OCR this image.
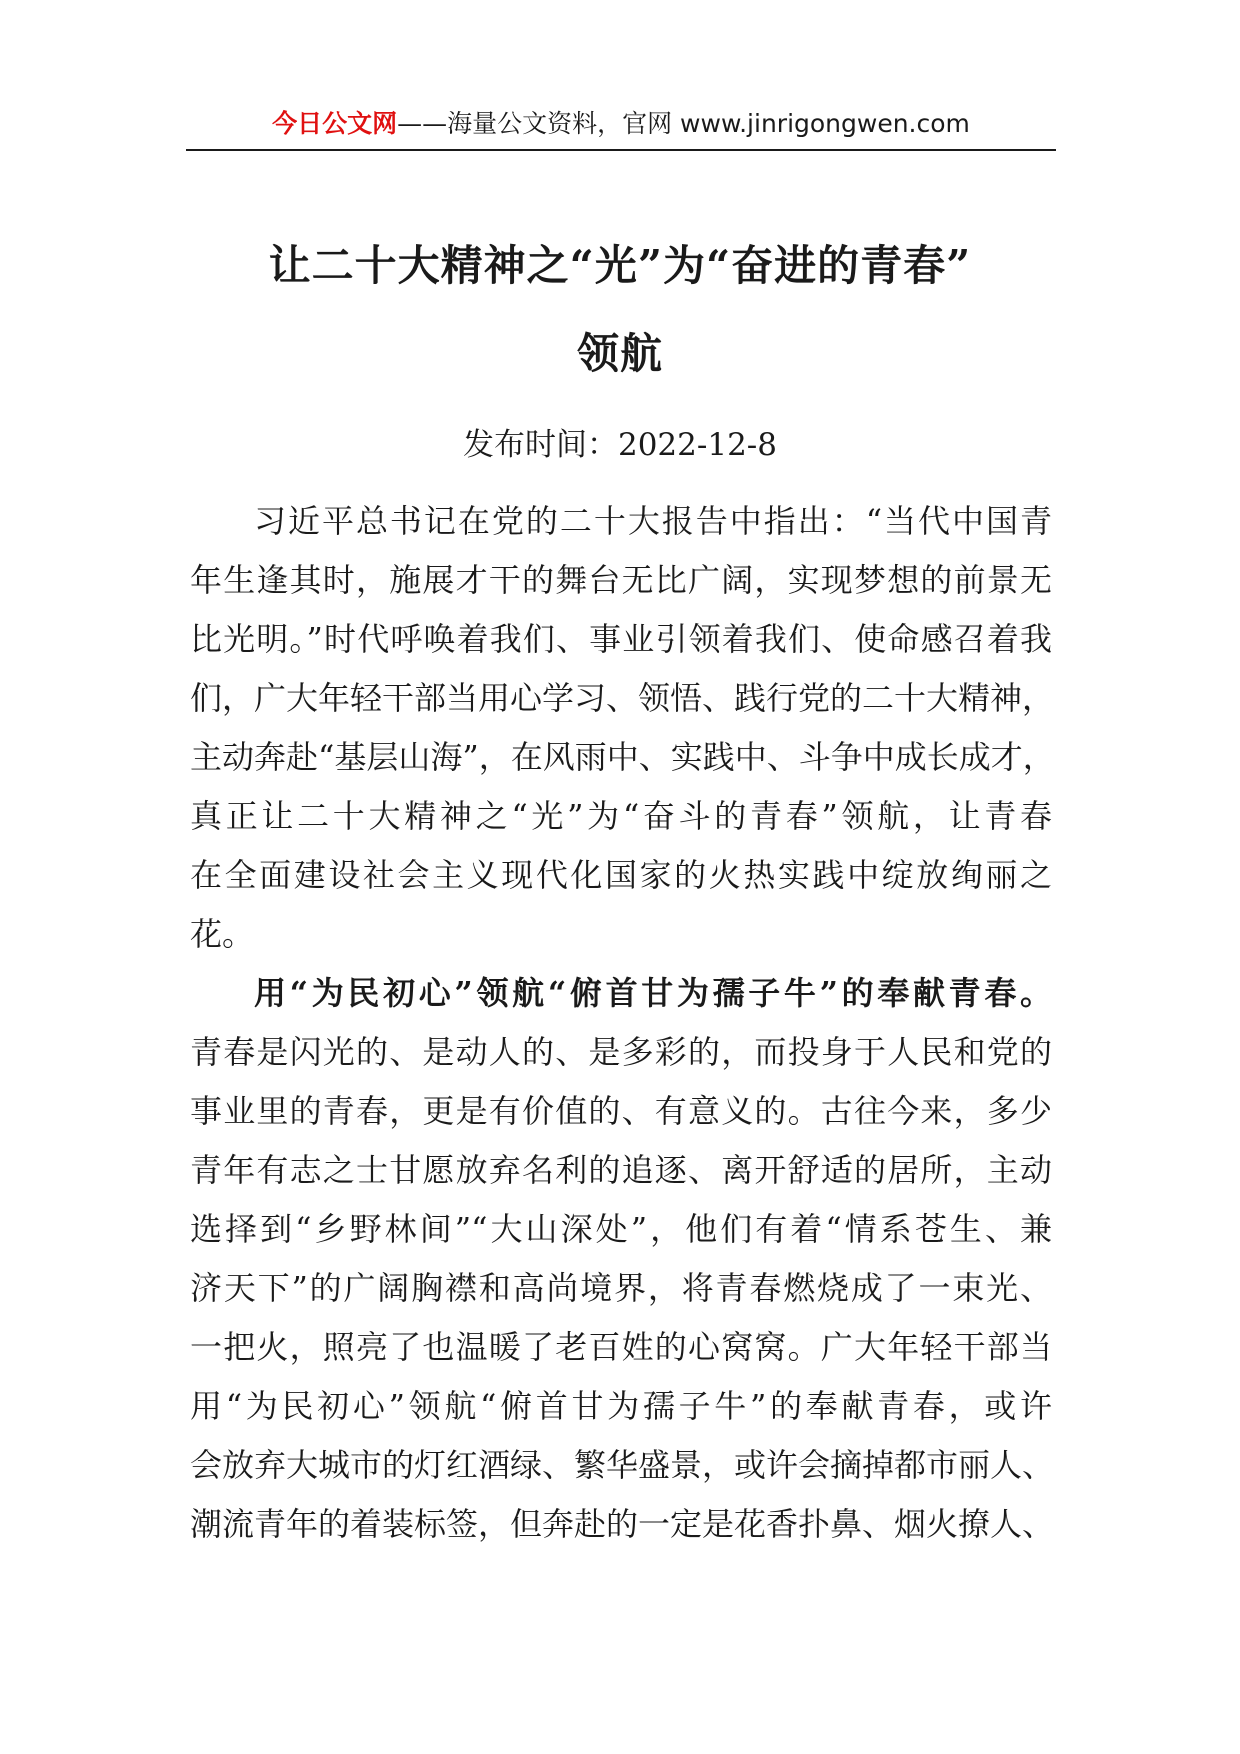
今日公文网——海量公文资料，官网 www.jinrigongwen.com
让二十大精神之“光”为“奋进的青春”
领航
发布时间：2022-12-8
习近平总书记在党的二十大报告中指出：“当代中国青
年生逢其时，施展才干的舞台无比广阔，实现梦想的前景无
比光明。”时代呼唤着我们、事业引领着我们、使命感召着我
们，广大年轻干部当用心学习、领悟、践行党的二十大精神，
主动奔赴“基层山海”，在风雨中、实践中、斗争中成长成才，
真正让二十大精神之“光”为“奋斗的青春”领航，让青春
在全面建设社会主义现代化国家的火热实践中绽放绚丽之
花。
用“为民初心”领航“俯首甘为孺子牛”的奉献青春。
青春是闪光的、是动人的、是多彩的，而投身于人民和党的
事业里的青春，更是有价值的、有意义的。古往今来，多少
青年有志之士甘愿放弃名利的追逐、离开舒适的居所，主动
选择到“乡野林间”“大山深处”，他们有着“情系苍生、兼
济天下”的广阔胸襟和高尚境界，将青春燃烧成了一束光、
一把火，照亮了也温暖了老百姓的心窝窝。广大年轻干部当
用“为民初心”领航“俯首甘为孺子牛”的奉献青春，或许
会放弃大城市的灯红酒绿、繁华盛景，或许会摘掉都市丽人、
潮流青年的着装标签，但奔赴的一定是花香扑鼻、烟火撩人、
